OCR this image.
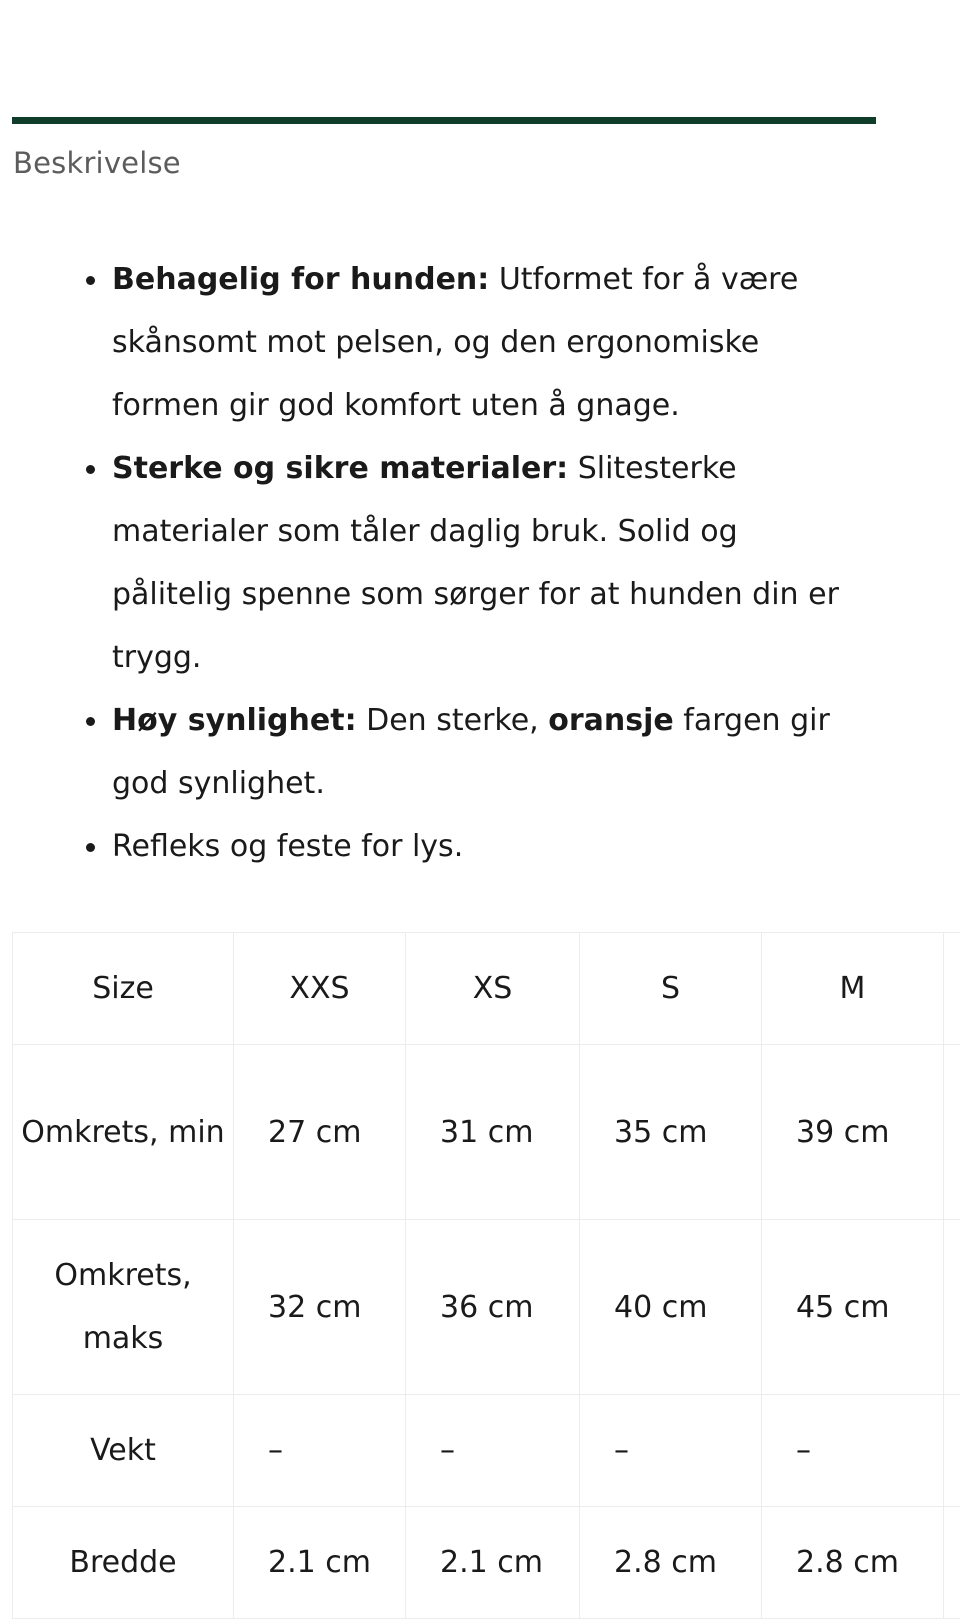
Beskrivelse
Behagelig for hunden: Utformet for å være skånsomt mot pelsen, og den ergonomiske formen gir god komfort uten å gnage.
Sterke og sikre materialer: Slitesterke materialer som tåler daglig bruk. Solid og pålitelig spenne som sørger for at hunden din er trygg.
Høy synlighet: Den sterke, oransje fargen gir god synlighet.
Refleks og feste for lys.
Size	XXS	XS	S	M	
Omkrets, min	27 cm	31 cm	35 cm	39 cm	
Omkrets, maks	32 cm	36 cm	40 cm	45 cm	
Vekt	–	–	–	–	
Bredde	2.1 cm	2.1 cm	2.8 cm	2.8 cm	
